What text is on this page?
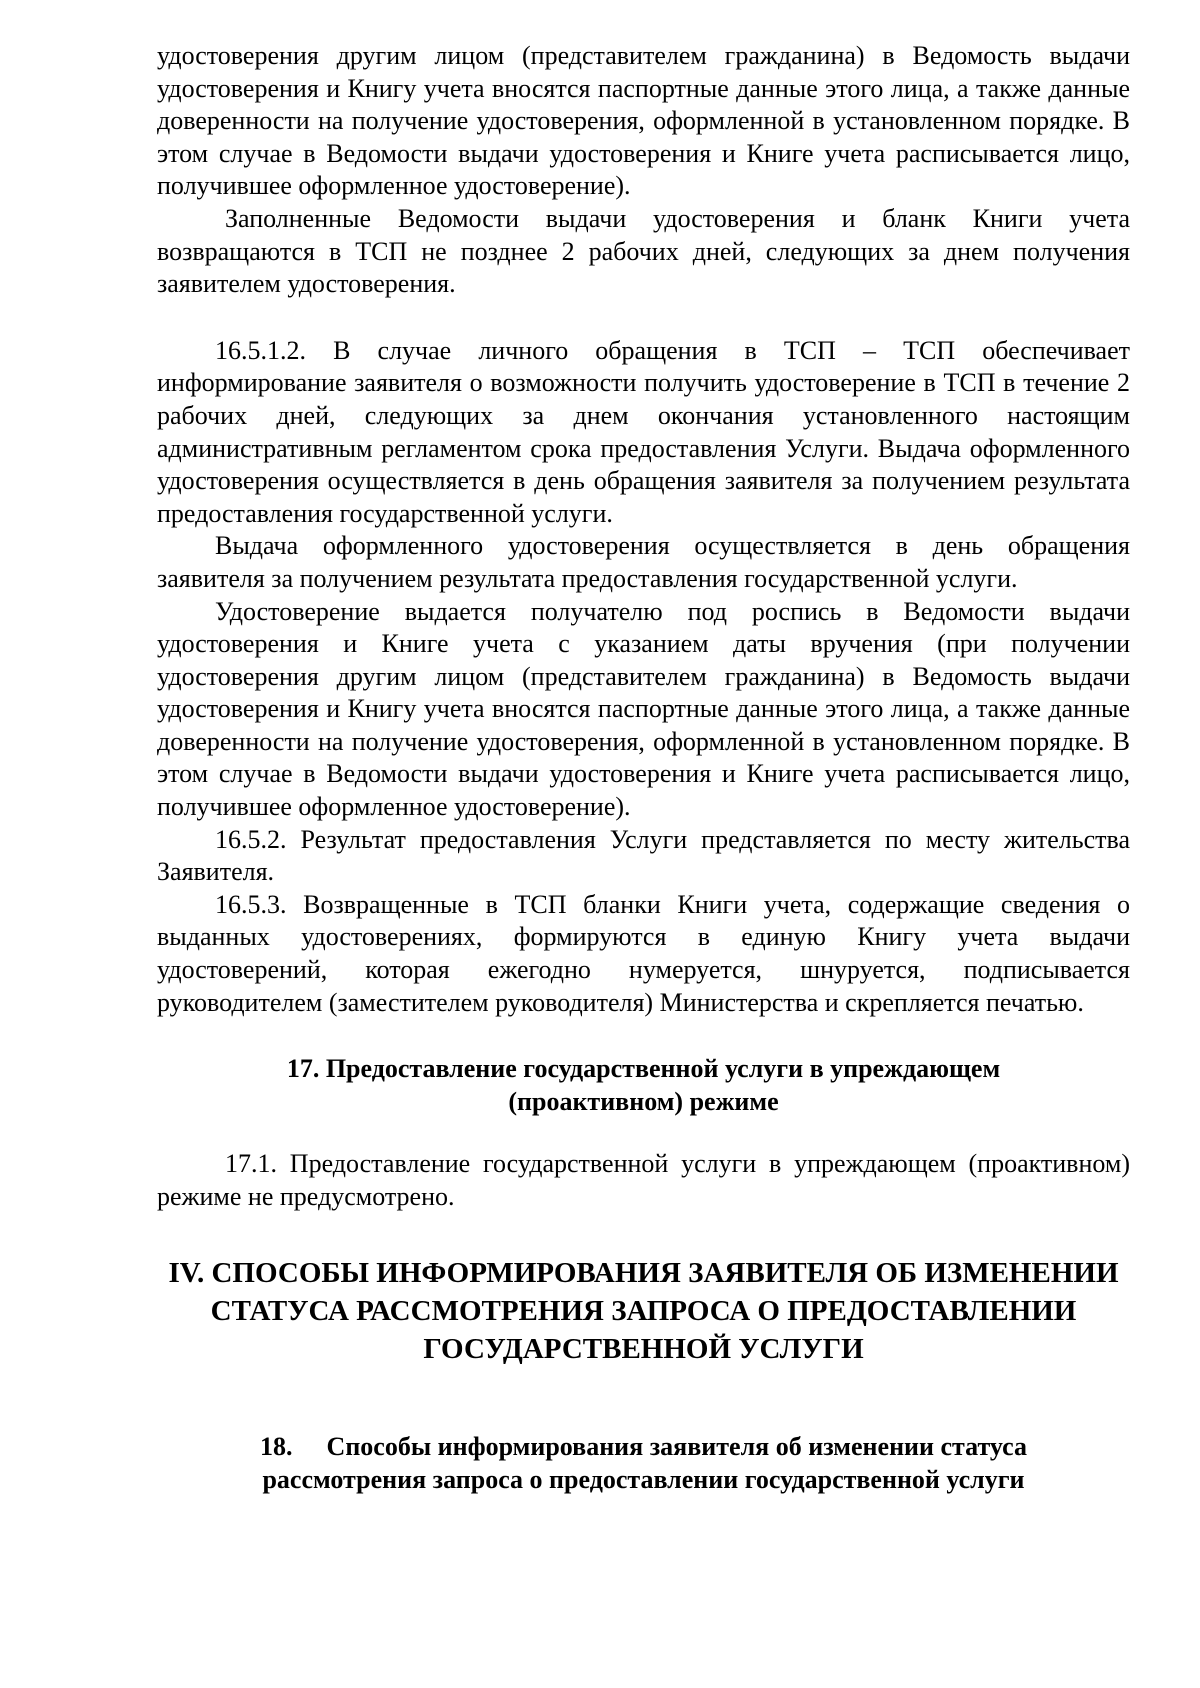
удостоверения другим лицом (представителем гражданина) в Ведомость выдачи удостоверения и Книгу учета вносятся паспортные данные этого лица, а также данные доверенности на получение удостоверения, оформленной в установленном порядке. В этом случае в Ведомости выдачи удостоверения и Книге учета расписывается лицо, получившее оформленное удостоверение).

Заполненные Ведомости выдачи удостоверения и бланк Книги учета возвращаются в ТСП не позднее 2 рабочих дней, следующих за днем получения заявителем удостоверения.

16.5.1.2. В случае личного обращения в ТСП – ТСП обеспечивает информирование заявителя о возможности получить удостоверение в ТСП в течение 2 рабочих дней, следующих за днем окончания установленного настоящим административным регламентом срока предоставления Услуги. Выдача оформленного удостоверения осуществляется в день обращения заявителя за получением результата предоставления государственной услуги.

Выдача оформленного удостоверения осуществляется в день обращения заявителя за получением результата предоставления государственной услуги.

Удостоверение выдается получателю под роспись в Ведомости выдачи удостоверения и Книге учета с указанием даты вручения (при получении удостоверения другим лицом (представителем гражданина) в Ведомость выдачи удостоверения и Книгу учета вносятся паспортные данные этого лица, а также данные доверенности на получение удостоверения, оформленной в установленном порядке. В этом случае в Ведомости выдачи удостоверения и Книге учета расписывается лицо, получившее оформленное удостоверение).

16.5.2. Результат предоставления Услуги представляется по месту жительства Заявителя.

16.5.3. Возвращенные в ТСП бланки Книги учета, содержащие сведения о выданных удостоверениях, формируются в единую Книгу учета выдачи удостоверений, которая ежегодно нумеруется, шнуруется, подписывается руководителем (заместителем руководителя) Министерства и скрепляется печатью.

17. Предоставление государственной услуги в упреждающем (проактивном) режиме

17.1. Предоставление государственной услуги в упреждающем (проактивном) режиме не предусмотрено.

IV. СПОСОБЫ ИНФОРМИРОВАНИЯ ЗАЯВИТЕЛЯ ОБ ИЗМЕНЕНИИ СТАТУСА РАССМОТРЕНИЯ ЗАПРОСА О ПРЕДОСТАВЛЕНИИ ГОСУДАРСТВЕННОЙ УСЛУГИ
18. Способы информирования заявителя об изменении статуса рассмотрения запроса о предоставлении государственной услуги
